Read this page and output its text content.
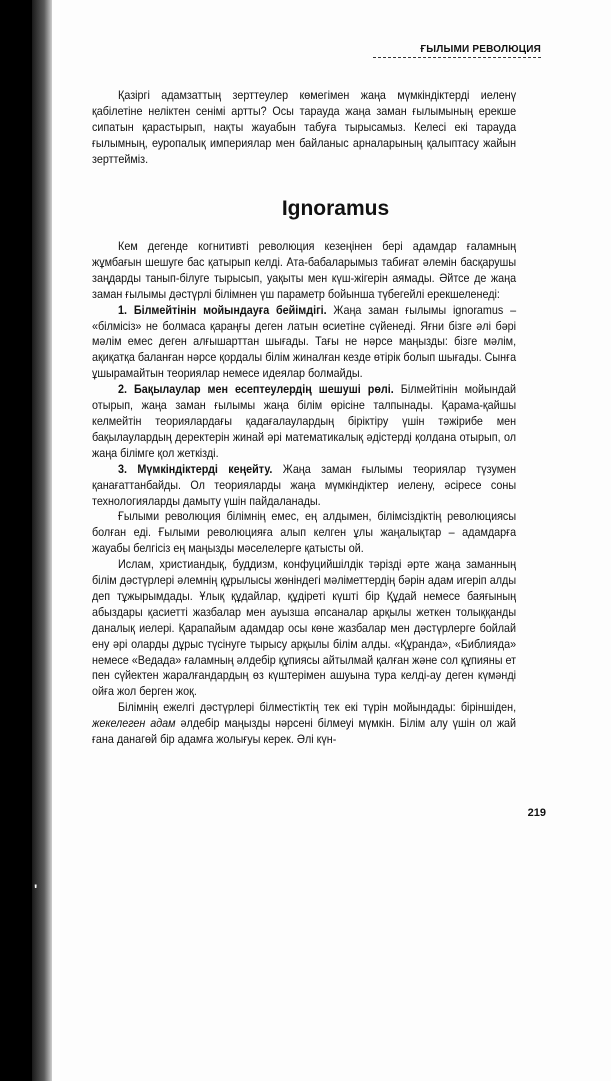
'
ҒЫЛЫМИ РЕВОЛЮЦИЯ

Қазіргі адамзаттың зерттеулер көмегімен жаңа мүмкіндіктерді иеленү қабілетіне неліктен сенімі артты? Осы тарауда жаңа заман ғылымының ерекше сипатын қарастырып, нақты жауабын табуға тырысамыз. Келесі екі тарауда ғылымның, еуропалық империялар мен байланыс арналарының қалыптасу жайын зерттейміз.

Ignoramus

Кем дегенде когнитивті революция кезеңінен бері адамдар ғаламның жұмбағын шешуге бас қатырып келді. Ата-бабаларымыз табиғат әлемін басқарушы заңдарды танып-білуге тырысып, уақыты мен күш-жігерін аямады. Әйтсе де жаңа заман ғылымы дәстүрлі білімнен үш параметр бойынша түбегейлі ерекшеленеді:

1. Білмейтінін мойындауға бейімдігі. Жаңа заман ғылымы ignoramus – «білмісіз» не болмаса қараңғы деген латын өсиетіне сүйенеді. Яғни бізге әлі бәрі мәлім емес деген алғышарттан шығады. Тағы не нәрсе маңызды: бізге мәлім, ақиқатқа баланған нәрсе қордалы білім жиналған кезде өтірік болып шығады. Сынға ұшырамайтын теориялар немесе идеялар болмайды.

2. Бақылаулар мен есептеулердің шешуші рөлі. Білмейтінін мойындай отырып, жаңа заман ғылымы жаңа білім өрісіне талпынады. Қарама-қайшы келмейтін теориялардағы қадағалаулардың біріктіру үшін тәжірибе мен бақылаулардың деректерін жинай әрі математикалық әдістерді қолдана отырып, ол жаңа білімге қол жеткізді.

3. Мүмкіндіктерді кеңейту. Жаңа заман ғылымы теориялар түзумен қанағаттанбайды. Ол теорияларды жаңа мүмкіндіктер иелену, әсіресе соны технологияларды дамыту үшін пайдаланады.

Ғылыми революция білімнің емес, ең алдымен, білімсіздіктің революциясы болған еді. Ғылыми революцияға алып келген ұлы жаңалықтар – адамдарға жауабы белгісіз ең маңызды мәселелерге қатысты ой.

Ислам, христиандық, буддизм, конфуцийшілдік тәрізді әрте жаңа заманның білім дәстүрлері әлемнің құрылысы жөніндегі мәліметтердің бәрін адам игеріп алды деп тұжырымдады. Ұлық құдайлар, құдіреті күшті бір Құдай немесе баяғының абыздары қасиетті жазбалар мен ауызша әпсаналар арқылы жеткен толыққанды даналық иелері. Қарапайым адамдар осы көне жазбалар мен дәстүрлерге бойлай ену әрі оларды дұрыс түсінуге тырысу арқылы білім алды. «Құранда», «Библияда» немесе «Ведада» ғаламның әлдебір құпиясы айтылмай қалған және сол құпияны ет пен сүйектен жаралғандардың өз күштерімен ашуына тура келді-ау деген күмәнді ойға жол берген жоқ.

Білімнің ежелгі дәстүрлері білместіктің тек екі түрін мойындады: біріншіден, жекелеген адам әлдебір маңызды нәрсені білмеуі мүмкін. Білім алу үшін ол жай ғана данагөй бір адамға жолығуы керек. Әлі күн-

219
